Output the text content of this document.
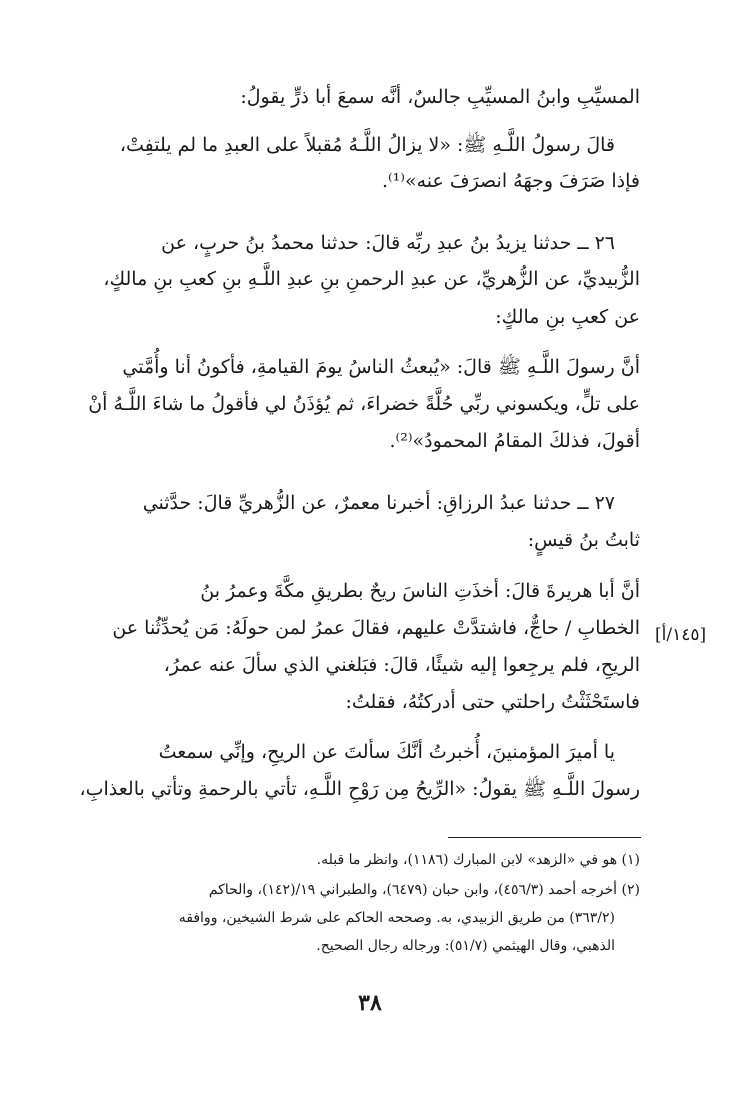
المسيِّبِ وابنُ المسيِّبِ جالسٌ، أنَّه سمعَ أبا ذرٍّ يقولُ:
قالَ رسولُ اللَّـهِ ﷺ: «لا يزالُ اللَّـهُ مُقبلاً على العبدِ ما لم يلتفِتْ،
فإذا صَرَفَ وجهَهُ انصرَفَ عنه»⁽¹⁾.
٢٦ ــ حدثنا يزيدُ بنُ عبدِ ربِّه قالَ: حدثنا محمدُ بنُ حربٍ، عن
الزُّبيديِّ، عن الزُّهريِّ، عن عبدِ الرحمنِ بنِ عبدِ اللَّـهِ بنِ كعبِ بنِ مالكٍ،
عن كعبِ بنِ مالكٍ:
أنَّ رسولَ اللَّـهِ ﷺ قالَ: «يُبعثُ الناسُ يومَ القيامةِ، فأكونُ أنا وأُمَّتي
على تلٍّ، ويكسوني ربِّي حُلَّةً خضراءَ، ثم يُؤذَنُ لي فأقولُ ما شاءَ اللَّـهُ أنْ
أقولَ، فذلكَ المقامُ المحمودُ»⁽²⁾.
٢٧ ــ حدثنا عبدُ الرزاقِ: أخبرنا معمرٌ، عن الزُّهريِّ قالَ: حدَّثني
ثابتُ بنُ قيسٍ:
أنَّ أبا هريرةَ قالَ: أخذَتِ الناسَ ريحٌ بطريقِ مكَّةَ وعمرُ بنُ
الخطابِ / حاجٌّ، فاشتدَّتْ عليهم، فقالَ عمرُ لمن حولَهُ: مَن يُحدِّثُنا عن
الريحِ، فلم يرجِعوا إليه شيئًا، قالَ: فبَلغني الذي سألَ عنه عمرُ،
فاستَحْثَثْتُ راحلتي حتى أدركتُهُ، فقلتُ:
يا أميرَ المؤمنينَ، أُخبرتُ أنَّكَ سألتَ عن الريحِ، وإنِّي سمعتُ
رسولَ اللَّـهِ ﷺ يقولُ: «الرِّيحُ مِن رَوْحِ اللَّـهِ، تأتي بالرحمةِ وتأتي بالعذابِ،
[١٤٥/أ]
(١) هو في «الزهد» لابن المبارك (١١٨٦)، وانظر ما قبله.
(٢) أخرجه أحمد (٤٥٦/٣)، وابن حبان (٦٤٧٩)، والطبراني ١٩/(١٤٢)، والحاكم
(٣٦٣/٢) من طريق الزبيدي، به. وصححه الحاكم على شرط الشيخين، ووافقه
الذهبي، وقال الهيثمي (٥١/٧): ورجاله رجال الصحيح.
٣٨
